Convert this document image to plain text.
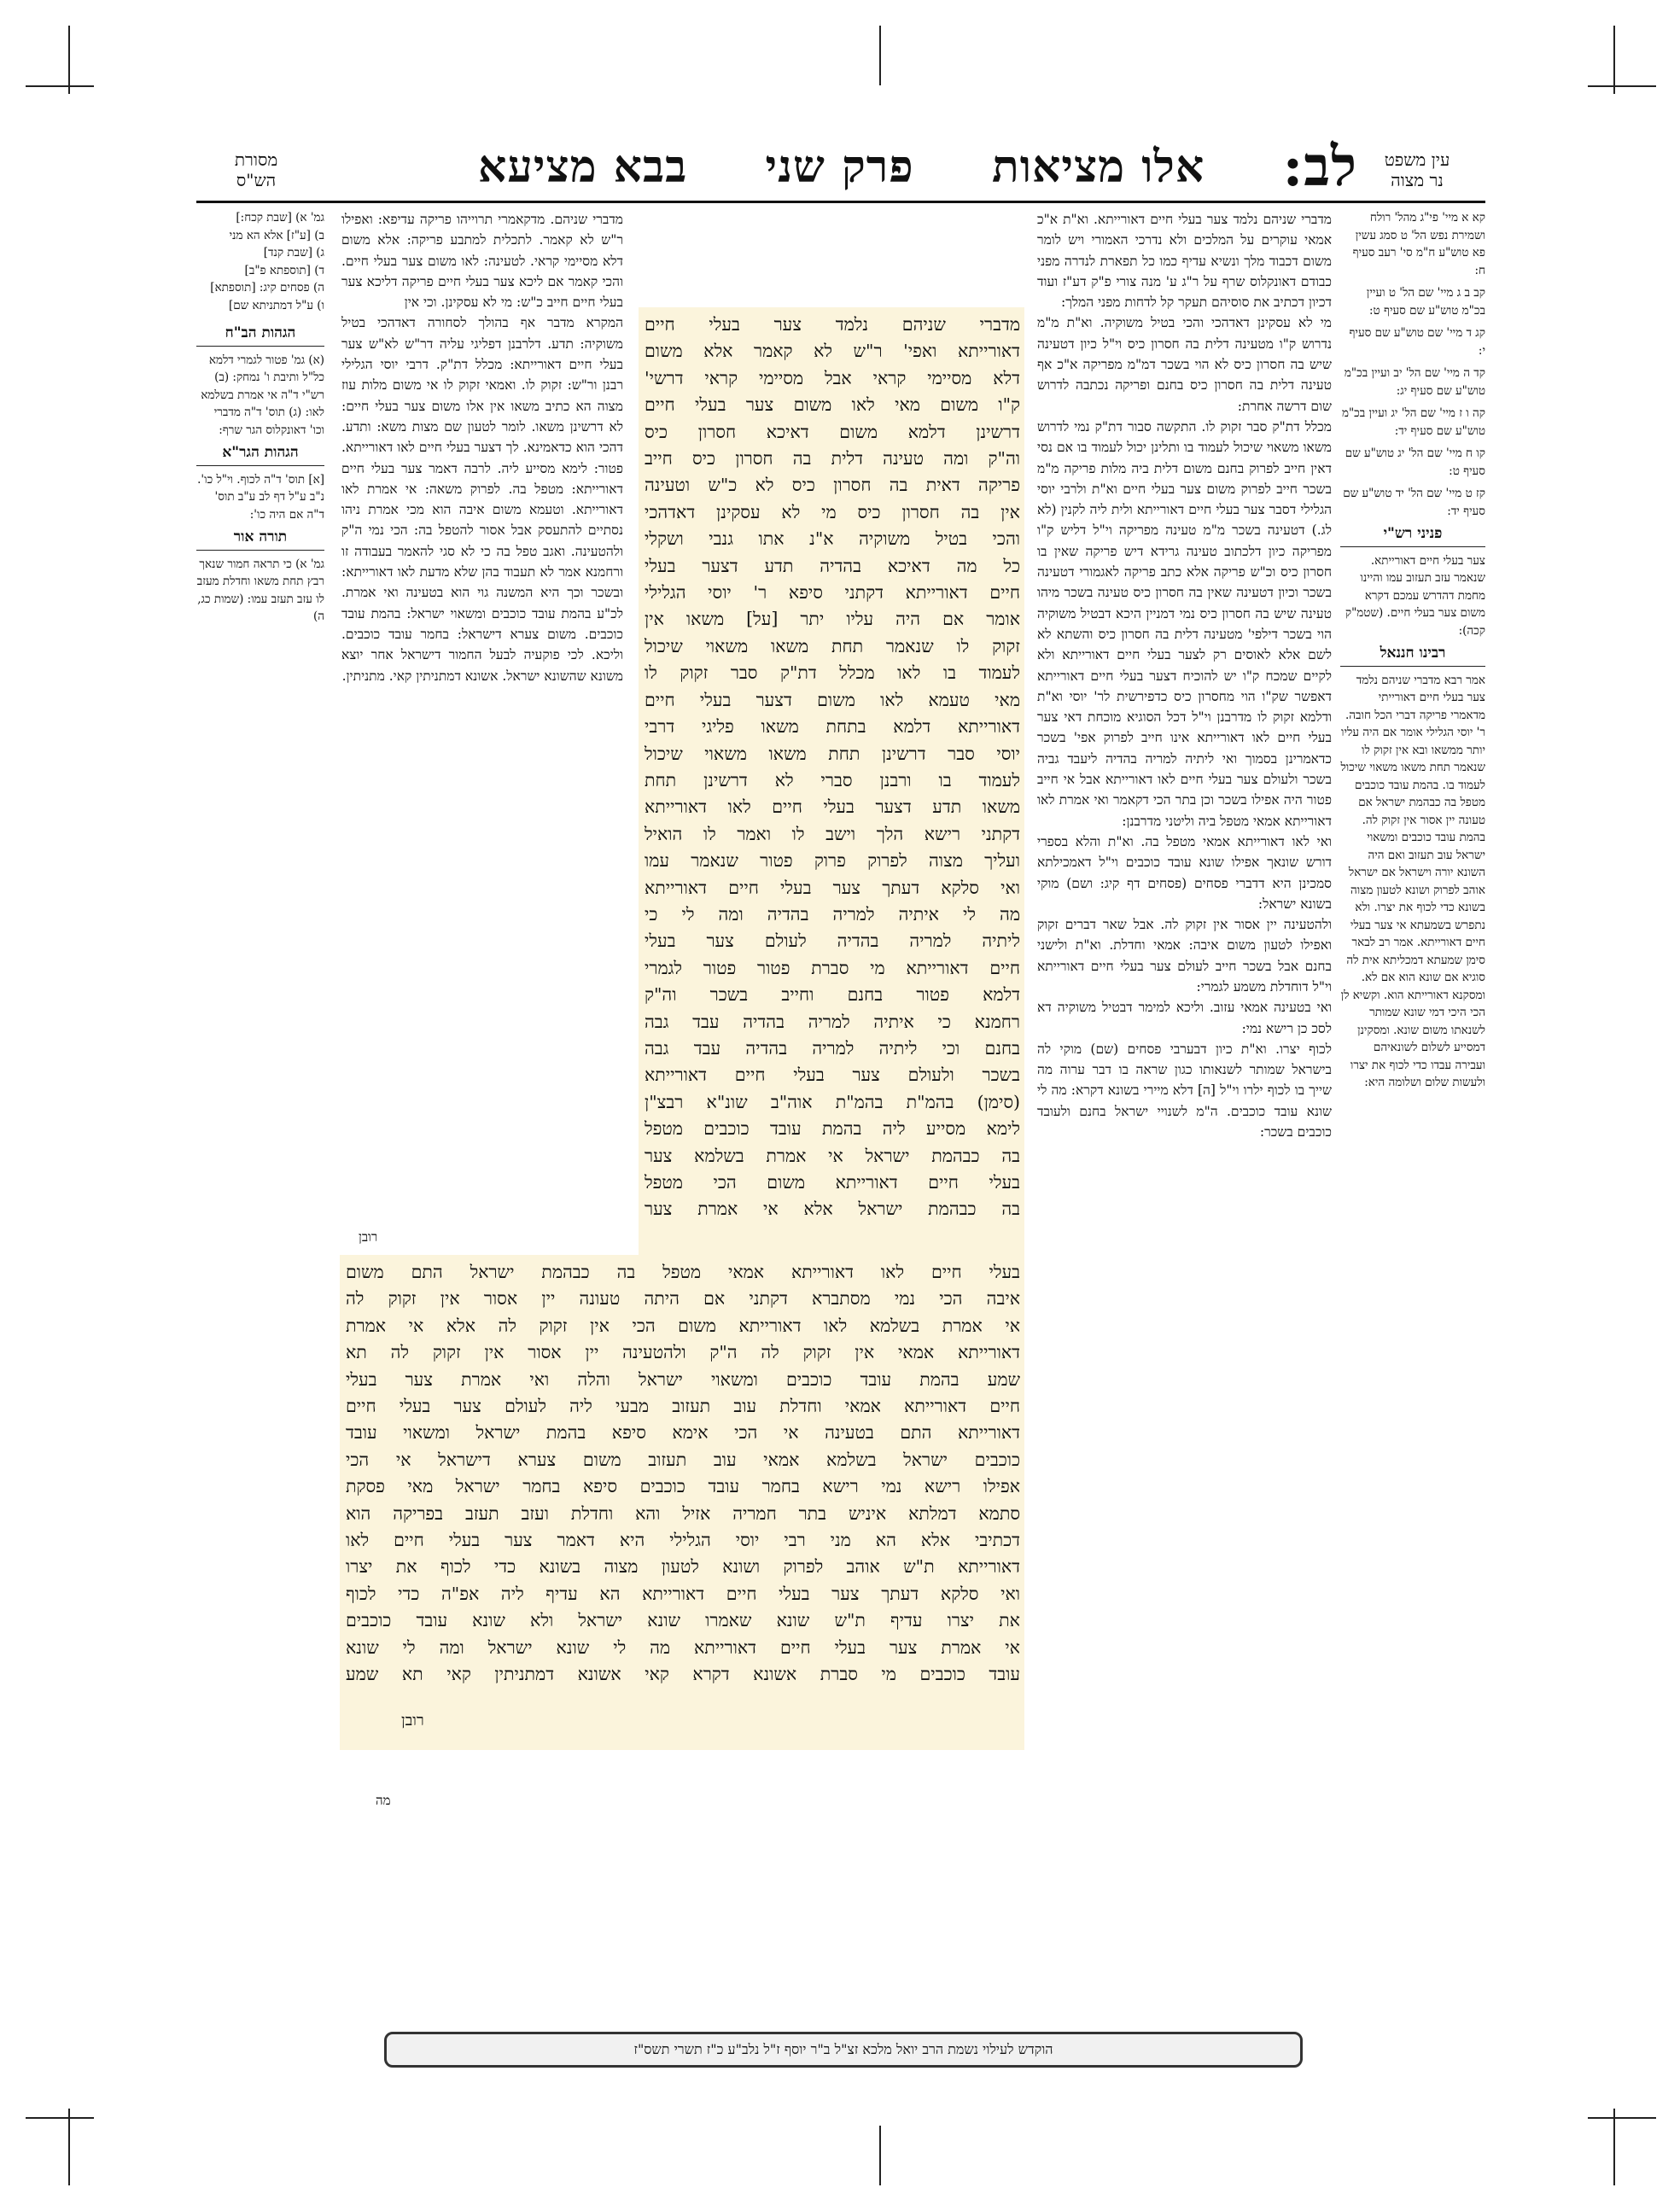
עין משפט
נר מצוה
לב:
אלו מציאות
פרק שני
בבא מציעא
מסורת
הש"ס

קא א מיי' פי"ג מהל' רולח ושמירת נפש הל' ט סמג עשין פא טוש"ע ח"מ סי' רעב סעיף ח:

קב ב ג מיי' שם הל' ט ועיין בכ"מ טוש"ע שם סעיף ט:

קג ד מיי' שם טוש"ע שם סעיף י:

קד ה מיי' שם הל' יב ועיין בכ"מ טוש"ע שם סעיף יג:

קה ו ז מיי' שם הל' יג ועיין בכ"מ טוש"ע שם סעיף יד:

קו ח מיי' שם הל' יג טוש"ע שם סעיף ט:

קז ט מיי' שם הל' יד טוש"ע שם סעיף יד:

פניני רש"י

צער בעלי חיים דאורייתא. שנאמר עזב תעזוב עמו והיינו מחמת דהדרש עמכם דקרא משום צער בעלי חיים. (שטמ"ק קכה):

רבינו חננאל

אמר רבא מדברי שניהם נלמד צער בעלי חיים דאורייתי מדאמרי פריקה דברי הכל חובה. ר' יוסי הגלילי אומר אם היה עליו יותר ממשאו ובא אין זקוק לו שנאמר תחת משאו משאוי שיכול לעמוד בו. בהמת עובד כוכבים מטפל בה כבהמת ישראל אם טעונה יין אסור אין זקוק לה. בהמת עובד כוכבים ומשאוי ישראל עוב תעזוב ואם היה השונא יורה וישראל אם ישראל אוהב לפרוק ושונא לטעון מצוה בשונא כדי לכוף את יצרו. ולא נתפרש בשמעתא אי צער בעלי חיים דאורייתא. אמר רב לבאר סימן שמעתא דמכליתא אית לה סוגיא אם שונא הוא אם לא. ומסקנא דאורייתא הוא. וקשיא לן הכי היכי דמי שונא שמותר לשנאתו משום שונא. ומסקינן דמסייע לשלום לשונאיהם ועבירה עבדו כדי לכוף את יצרו ולעשות שלום ושלומה היא:

מדברי שניהם נלמד צער בעלי חיים דאורייתא. וא"ת א"כ אמאי עוקרים על המלכים ולא נדרכי האמורי ויש לומר משום דכבוד מלך ונשיא עדיף כמו כל תפארת לנדרה מפני כבודם דאונקלוס שרף על ר"ג ע' מנה צורי פ"ק דע"ז ועוד דכיון דכתיב את סוסיהם תעקר קל לדחות מפני המלך:

מי לא עסקינן דאדהכי והכי בטיל משוקיה. וא"ת מ"מ נדרוש ק"ו מטעינה דלית בה חסרון כיס וי"ל כיון דטעינה שיש בה חסרון כיס לא הוי בשכר דמ"מ מפריקה א"כ אף טעינה דלית בה חסרון כיס בחנם ופריקה נכתבה לדרוש שום דרשה אחרת:

מכלל דת"ק סבר זקוק לו. התקשה סבור דת"ק נמי לדרוש משאו משאוי שיכול לעמוד בו ותלינן יכול לעמוד בו אם נסי דאין חייב לפרוק בחנם משום דלית ביה מלות פריקה מ"מ בשכר חייב לפרוק משום צער בעלי חיים וא"ת ולרבי יוסי הגלילי דסבר צער בעלי חיים דאורייתא ולית ליה לקנין (לא לג.) דטעינה בשכר מ"מ טעינה מפריקה וי"ל דליש ק"ו מפריקה כיון דלכתוב טעינה גרידא דיש פריקה שאין בו חסרון כיס וכ"ש פריקה אלא כתב פריקה לאגמורי דטעינה בשכר וכיון דטעינה שאין בה חסרון כיס טעינה בשכר מיהו טעינה שיש בה חסרון כיס נמי דמניין היכא דבטיל משוקיה הוי בשכר דילפי' מטעינה דלית בה חסרון כיס והשתא לא לשם אלא לאוסים רק לצער בעלי חיים דאורייתא ולא לקיים שמכח ק"ו יש להוכיח דצער בעלי חיים דאורייתא דאפשר שק"ו הוי מחסרון כיס כדפירשית לר' יוסי וא"ת ודלמא זקוק לו מדרבנן וי"ל דכל הסוגיא מוכחת דאי צער בעלי חיים לאו דאורייתא אינו חייב לפרוק אפי' בשכר כדאמרינן בסמוך ואי ליתיה למריה בהדיה ליעבד גביה בשכר ולעולם צער בעלי חיים לאו דאורייתא אבל אי חייב פטור היה אפילו בשכר וכן בתר הכי דקאמר ואי אמרת לאו דאורייתא אמאי מטפל ביה וליטני מדרבנן:

ואי לאו דאורייתא אמאי מטפל בה. וא"ת והלא בספרי דורש שונאך אפילו שונא עובד כוכבים וי"ל דאמכילתא סמכינן היא דדברי פסחים (פסחים דף קיג: ושם) מוקי בשונא ישראל:

ולהטעינה יין אסור אין זקוק לה. אבל שאר דברים זקוק ואפילו לטעון משום איבה: אמאי וחדלת. וא"ת ולישני בחנם אבל בשכר חייב לעולם צער בעלי חיים דאורייתא וי"ל דוחדלת משמע לגמרי:

ואי בטעינה אמאי עזוב. וליכא למימר דבטיל משוקיה דא לסכ כן רישא נמי:

לכוף יצרו. וא"ת כיון דבערבי פסחים (שם) מוקי לה בישראל שמותר לשנאותו כגון שראה בו דבר ערוה מה שייך בו לכוף ילרו וי"ל [ה] דלא מיירי בשונא דקרא: מה לי שונא עובד כוכבים. ה"מ לשנויי ישראל בחנם ולעובד כוכבים בשכר:

מדברי שניהם. מדקאמרי תרוייהו פריקה עדיפא: ואפילו ר"ש לא קאמר. לתכלית למתבע פריקה: אלא משום דלא מסיימי קראי. לטעינה: לאו משום צער בעלי חיים. והכי קאמר אם ליכא צער בעלי חיים פריקה דליכא צער בעלי חיים חייב כ"ש: מי לא עסקינן. וכי אין

המקרא מדבר אף בהולך לסחורה דאדהכי בטיל משוקיה: תדע. דלרבנן דפליגי עליה דר"ש לא"ש צער בעלי חיים דאורייתא: מכלל דת"ק. דרבי יוסי הגלילי רבנן ור"ש: זקוק לו. ואמאי זקוק לו אי משום מלות עוז מצוה הא כתיב משאו אין אלו משום צער בעלי חיים: לא דרשינן משאו. לומר לטעון שם מצות משא: ותדע. דהכי הוא כדאמינא. לך דצער בעלי חיים לאו דאורייתא. פטור: לימא מסייע ליה. לרבה דאמר צער בעלי חיים דאורייתא: מטפל בה. לפרוק משאה: אי אמרת לאו דאורייתא. וטעמא משום איבה הוא מכי אמרת ניהו נסתיים להתעסק אבל אסור להטפל בה: הכי נמי ה"ק ולהטעינה. ואגב טפל בה כי לא סגי להאמר בעבודה זו ורחמנא אמר לא תעבוד בהן שלא מדעת לאו דאורייתא: ובשכר וכך היא המשנה גוי הוא בטעינה ואי אמרת. לכ"ע בהמת עובד כוכבים ומשאוי ישראל: בהמת עובד כוכבים. משום צערא דישראל: בחמר עובד כוכבים. וליכא. לכי פוקעיה לבעל החמור דישראל אחר יוצא משונא שהשונא ישראל. אשונא דמתניתין קאי. מתניתין.

רובן

גמ' א) [שבת קכח:]

ב) [ע"ז] אלא הא מני

ג) [שבת קנד]

ד) [תוספתא פ"ב]

ה) פסחים קיג: [תוספתא]

ו) ע"ל דמתניתא שם]

הגהות הב"ח

(א) גמ' פטור לגמרי דלמא כל"ל ותיבת ו' נמחק: (ב) רש"י ד"ה אי אמרת בשלמא לאו: (ג) תוס' ד"ה מדברי וכו' דאונקלוס הגר שרף:

הגהות הגר"א

[א] תוס' ד"ה לכוף. וי"ל כו'. נ"ב ע"ל דף לב ע"ב תוס' ד"ה אם היה כו':

תורה אור

גמ' א) כי תראה חמור שנאך רבץ תחת משאו וחדלת מעזב לו עזב תעזב עמו: (שמות כג, ה)

מדברי שניהם נלמד צער בעלי חיים

דאורייתא ואפי' ר"ש לא קאמר אלא משום

דלא מסיימי קראי אבל מסיימי קראי דרשי'

ק"ו משום מאי לאו משום צער בעלי חיים

דרשינן דלמא משום דאיכא חסרון כיס

וה"ק ומה טעינה דלית בה חסרון כיס חייב

פריקה דאית בה חסרון כיס לא כ"ש וטעינה

אין בה חסרון כיס מי לא עסקינן דאדהכי

והכי בטיל משוקיה א"נ אתו גנבי ושקלי

כל מה דאיכא בהדיה תדע דצער בעלי

חיים דאורייתא דקתני סיפא ר' יוסי הגלילי

אומר אם היה עליו יתר [על] משאו אין

זקוק לו שנאמר תחת משאו משאוי שיכול

לעמוד בו לאו מכלל דת"ק סבר זקוק לו

מאי טעמא לאו משום דצער בעלי חיים

דאורייתא דלמא בתחת משאו פליגי דרבי

יוסי סבר דרשינן תחת משאו משאוי שיכול

לעמוד בו ורבנן סברי לא דרשינן תחת

משאו תדע דצער בעלי חיים לאו דאורייתא

דקתני רישא הלך וישב לו ואמר לו הואיל

ועליך מצוה לפרוק פרוק פטור שנאמר עמו

ואי סלקא דעתך צער בעלי חיים דאורייתא

מה לי איתיה למריה בהדיה ומה לי כי

ליתיה למריה בהדיה לעולם צער בעלי

חיים דאורייתא מי סברת פטור פטור לגמרי

דלמא פטור בחנם וחייב בשכר וה"ק

רחמנא כי איתיה למריה בהדיה עבד גבה

בחנם וכי ליתיה למריה בהדיה עבד גבה

בשכר ולעולם צער בעלי חיים דאורייתא

(סימן) בהמ"ת בהמ"ת אוה"ב שונ"א רבצ"ן

לימא מסייע ליה בהמת עובד כוכבים מטפל

בה כבהמת ישראל אי אמרת בשלמא צער

בעלי חיים דאורייתא משום הכי מטפל

בה כבהמת ישראל אלא אי אמרת צער

בעלי חיים לאו דאורייתא אמאי מטפל בה כבהמת ישראל התם משום

איבה הכי נמי מסתברא דקתני אם היתה טעונה יין אסור אין זקוק לה

אי אמרת בשלמא לאו דאורייתא משום הכי אין זקוק לה אלא אי אמרת

דאורייתא אמאי אין זקוק לה ה"ק ולהטעינה יין אסור אין זקוק לה תא

שמע בהמת עובד כוכבים ומשאוי ישראל והלה ואי אמרת צער בעלי

חיים דאורייתא אמאי וחדלת עוב תעזוב מבעי ליה לעולם צער בעלי חיים

דאורייתא התם בטעינה אי הכי אימא סיפא בהמת ישראל ומשאוי עובד

כוכבים ישראל בשלמא אמאי עוב תעזוב משום צערא דישראל אי הכי

אפילו רישא נמי רישא בחמר עובד כוכבים סיפא בחמר ישראל מאי פסקת

סתמא דמלתא איניש בתר חמריה אזיל והא וחדלת ועזב תעזב בפריקה הוא

דכתיבי אלא הא מני רבי יוסי הגלילי היא דאמר צער בעלי חיים לאו

דאורייתא ת"ש אוהב לפרוק ושונא לטעון מצוה בשונא כדי לכוף את יצרו

ואי סלקא דעתך צער בעלי חיים דאורייתא הא עדיף ליה אפ"ה כדי לכוף

את יצרו עדיף ת"ש שונא שאמרו שונא ישראל ולא שונא עובד כוכבים

אי אמרת צער בעלי חיים דאורייתא מה לי שונא ישראל ומה לי שונא

עובד כוכבים מי סברת אשונא דקרא קאי אשונא דמתניתין קאי תא שמע

רובן
מה
הוקדש לעילוי נשמת הרב יואל מלכא זצ"ל ב"ר יוסף ז"ל נלב"ע כ"ז תשרי תשס"ז
